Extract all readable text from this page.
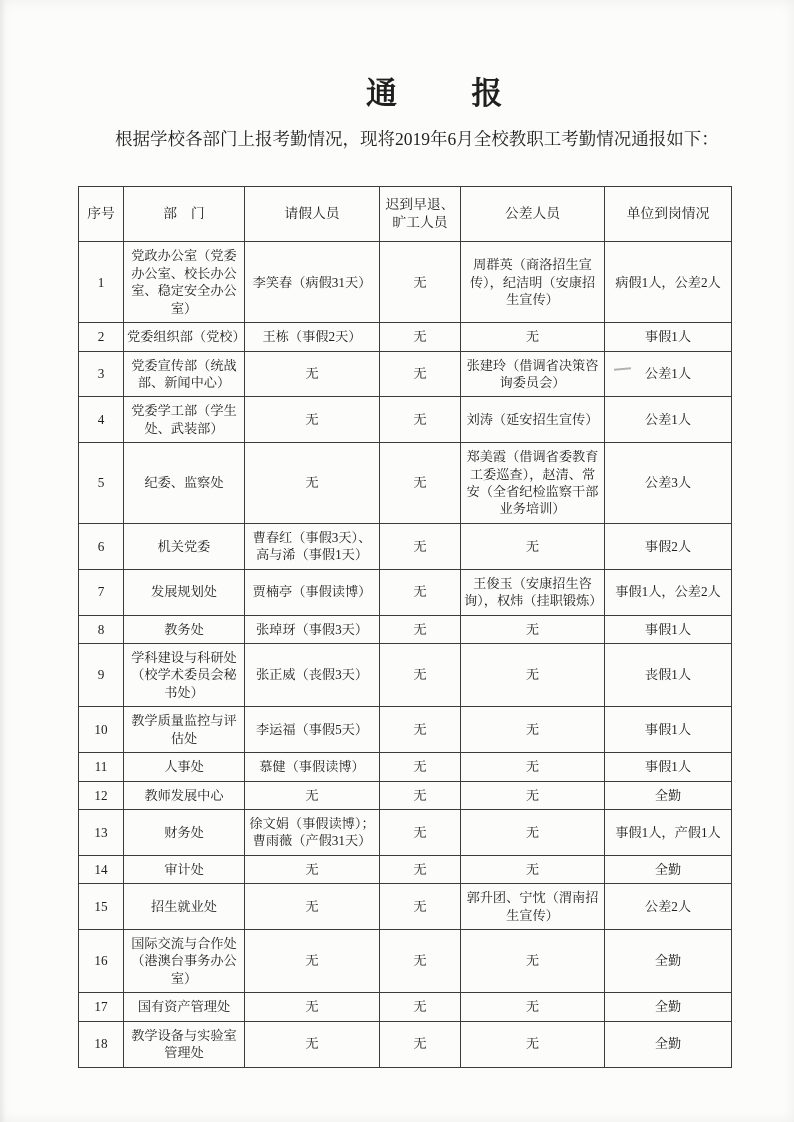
通报
根据学校各部门上报考勤情况，现将2019年6月全校教职工考勤情况通报如下：
序号	部　门	请假人员	迟到早退、旷工人员	公差人员	单位到岗情况
1	党政办公室（党委办公室、校长办公室、稳定安全办公室）	李笑春（病假31天）	无	周群英（商洛招生宣传），纪洁明（安康招生宣传）	病假1人，公差2人
2	党委组织部（党校）	王栋（事假2天）	无	无	事假1人
3	党委宣传部（统战部、新闻中心）	无	无	张建玲（借调省决策咨询委员会）	公差1人
4	党委学工部（学生处、武装部）	无	无	刘涛（延安招生宣传）	公差1人
5	纪委、监察处	无	无	郑美霞（借调省委教育工委巡查），赵清、常安（全省纪检监察干部业务培训）	公差3人
6	机关党委	曹春红（事假3天）、高与浠（事假1天）	无	无	事假2人
7	发展规划处	贾楠亭（事假读博）	无	王俊玉（安康招生咨询），权炜（挂职锻炼）	事假1人，公差2人
8	教务处	张琸玡（事假3天）	无	无	事假1人
9	学科建设与科研处（校学术委员会秘书处）	张正威（丧假3天）	无	无	丧假1人
10	教学质量监控与评估处	李运福（事假5天）	无	无	事假1人
11	人事处	慕健（事假读博）	无	无	事假1人
12	教师发展中心	无	无	无	全勤
13	财务处	徐文娟（事假读博）；曹雨薇（产假31天）	无	无	事假1人，产假1人
14	审计处	无	无	无	全勤
15	招生就业处	无	无	郭升团、宁忱（渭南招生宣传）	公差2人
16	国际交流与合作处（港澳台事务办公室）	无	无	无	全勤
17	国有资产管理处	无	无	无	全勤
18	教学设备与实验室管理处	无	无	无	全勤
